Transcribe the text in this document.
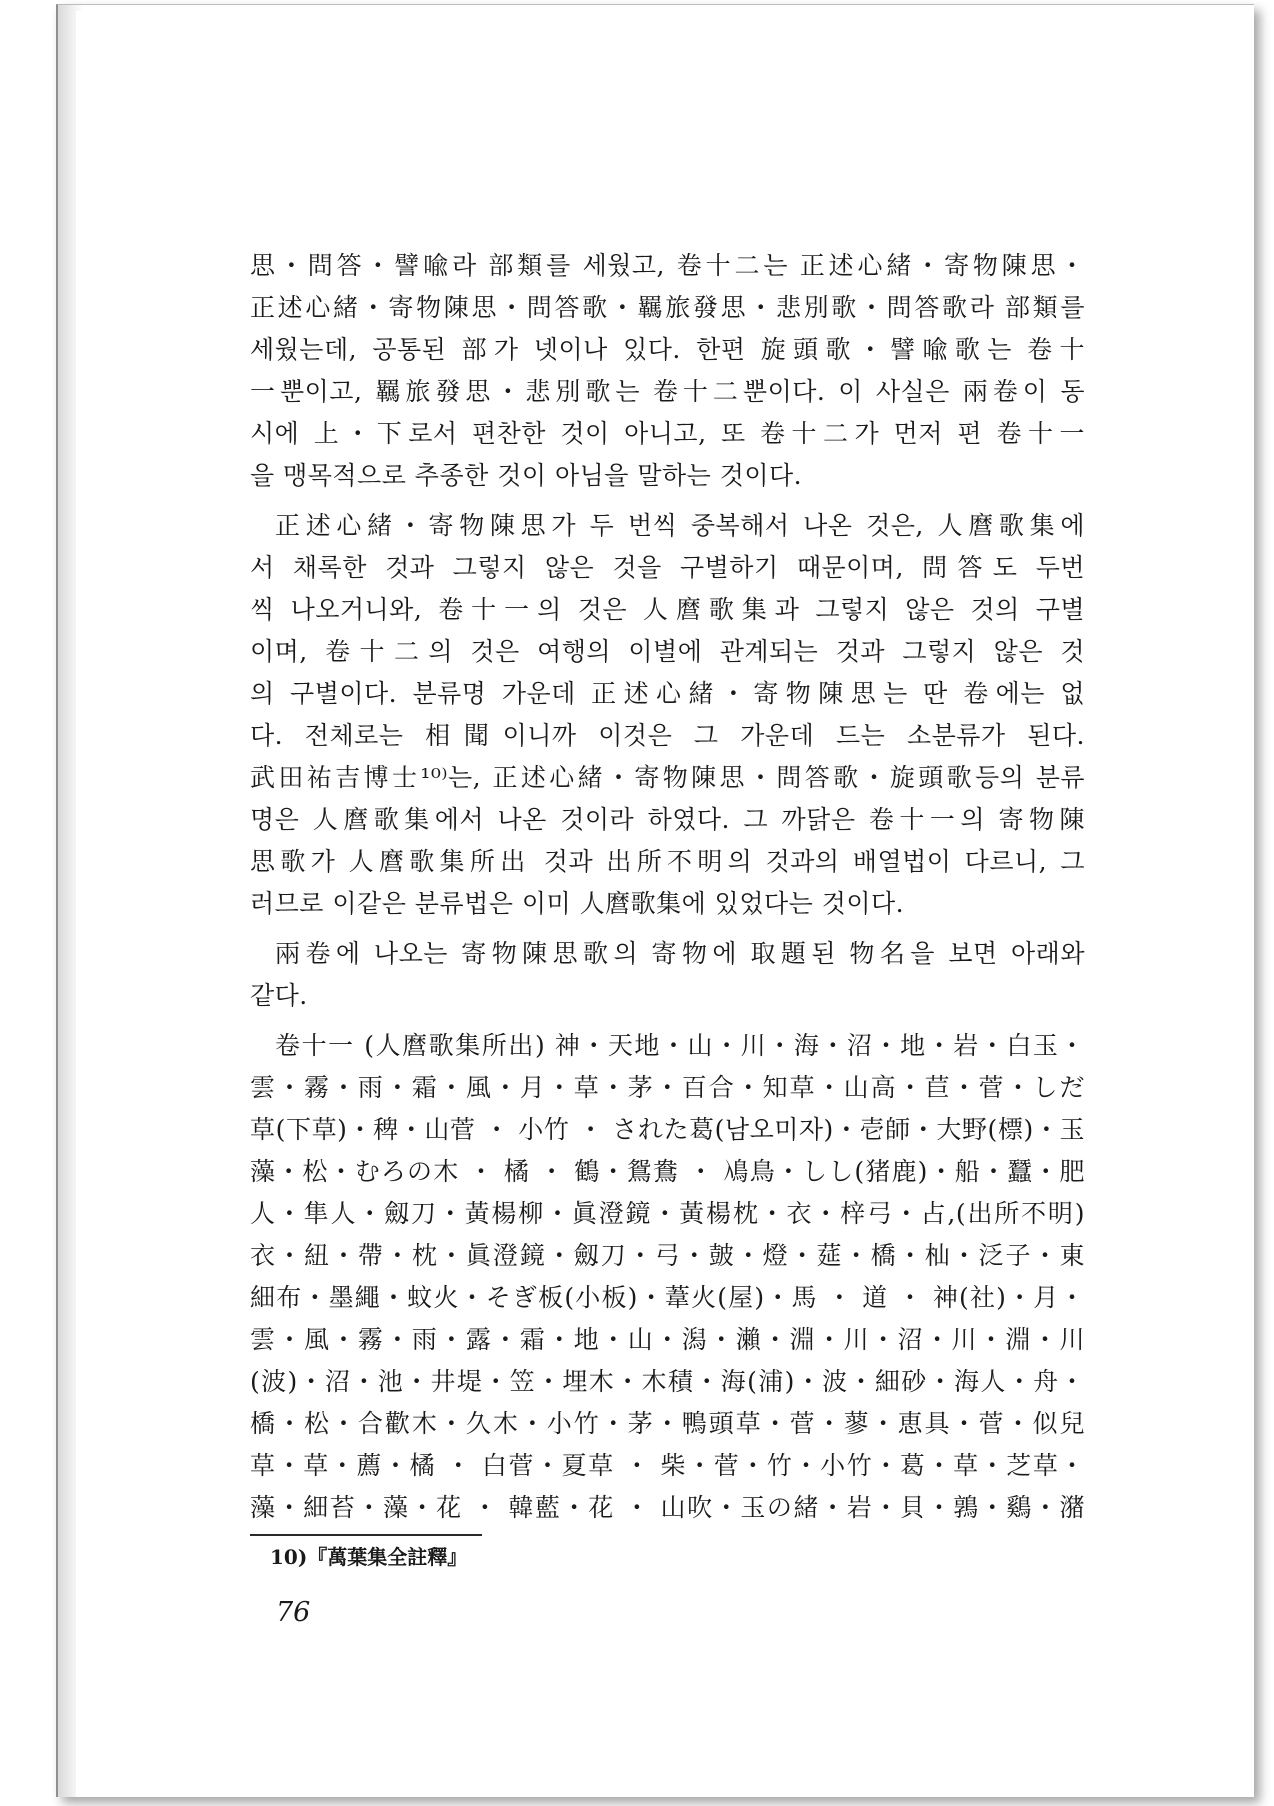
思・問答・譬喩라 部類를 세웠고, 卷十二는 正述心緒・寄物陳思・
正述心緒・寄物陳思・問答歌・羈旅發思・悲別歌・問答歌라 部類를
세웠는데, 공통된 部가 넷이나 있다. 한편 旋頭歌・譬喩歌는 卷十
一뿐이고, 羈旅發思・悲別歌는 卷十二뿐이다. 이 사실은 兩卷이 동
시에 上・下로서 편찬한 것이 아니고, 또 卷十二가 먼저 편 卷十一
을 맹목적으로 추종한 것이 아님을 말하는 것이다.
正述心緒・寄物陳思가 두 번씩 중복해서 나온 것은, 人麿歌集에
서 채록한 것과 그렇지 않은 것을 구별하기 때문이며, 問答도 두번
씩 나오거니와, 卷十一의 것은 人麿歌集과 그렇지 않은 것의 구별
이며, 卷十二의 것은 여행의 이별에 관계되는 것과 그렇지 않은 것
의 구별이다. 분류명 가운데 正述心緒・寄物陳思는 딴 卷에는 없
다. 전체로는 相聞이니까 이것은 그 가운데 드는 소분류가 된다.
武田祐吉博士¹⁰⁾는, 正述心緒・寄物陳思・問答歌・旋頭歌등의 분류
명은 人麿歌集에서 나온 것이라 하였다. 그 까닭은 卷十一의 寄物陳
思歌가 人麿歌集所出 것과 出所不明의 것과의 배열법이 다르니, 그
러므로 이같은 분류법은 이미 人麿歌集에 있었다는 것이다.
兩卷에 나오는 寄物陳思歌의 寄物에 取題된 物名을 보면 아래와
같다.
卷十一 (人麿歌集所出) 神・天地・山・川・海・沼・地・岩・白玉・
雲・霧・雨・霜・風・月・草・茅・百合・知草・山高・苣・菅・しだ
草(下草)・稗・山菅 ・ 小竹 ・ された葛(남오미자)・壱師・大野(標)・玉
藻・松・むろの木 ・ 橘 ・ 鶴・鴛鴦 ・ 鳰鳥・しし(猪鹿)・船・蠶・肥
人・隼人・劔刀・黃楊柳・眞澄鏡・黃楊枕・衣・梓弓・占,(出所不明)
衣・紐・帶・枕・眞澄鏡・劔刀・弓・皷・燈・莚・橋・杣・泛子・東
細布・墨繩・蚊火・そぎ板(小板)・葦火(屋)・馬 ・ 道 ・ 神(社)・月・
雲・風・霧・雨・露・霜・地・山・潟・瀨・淵・川・沼・川・淵・川
(波)・沼・池・井堤・笠・埋木・木積・海(浦)・波・細砂・海人・舟・
橋・松・合歡木・久木・小竹・茅・鴨頭草・菅・蓼・恵具・菅・似兒
草・草・薦・橘 ・ 白菅・夏草 ・ 柴・菅・竹・小竹・葛・草・芝草・
藻・細苔・藻・花 ・ 韓藍・花 ・ 山吹・玉の緒・岩・貝・鶉・鷄・潴
10)『萬葉集全註釋』
76
